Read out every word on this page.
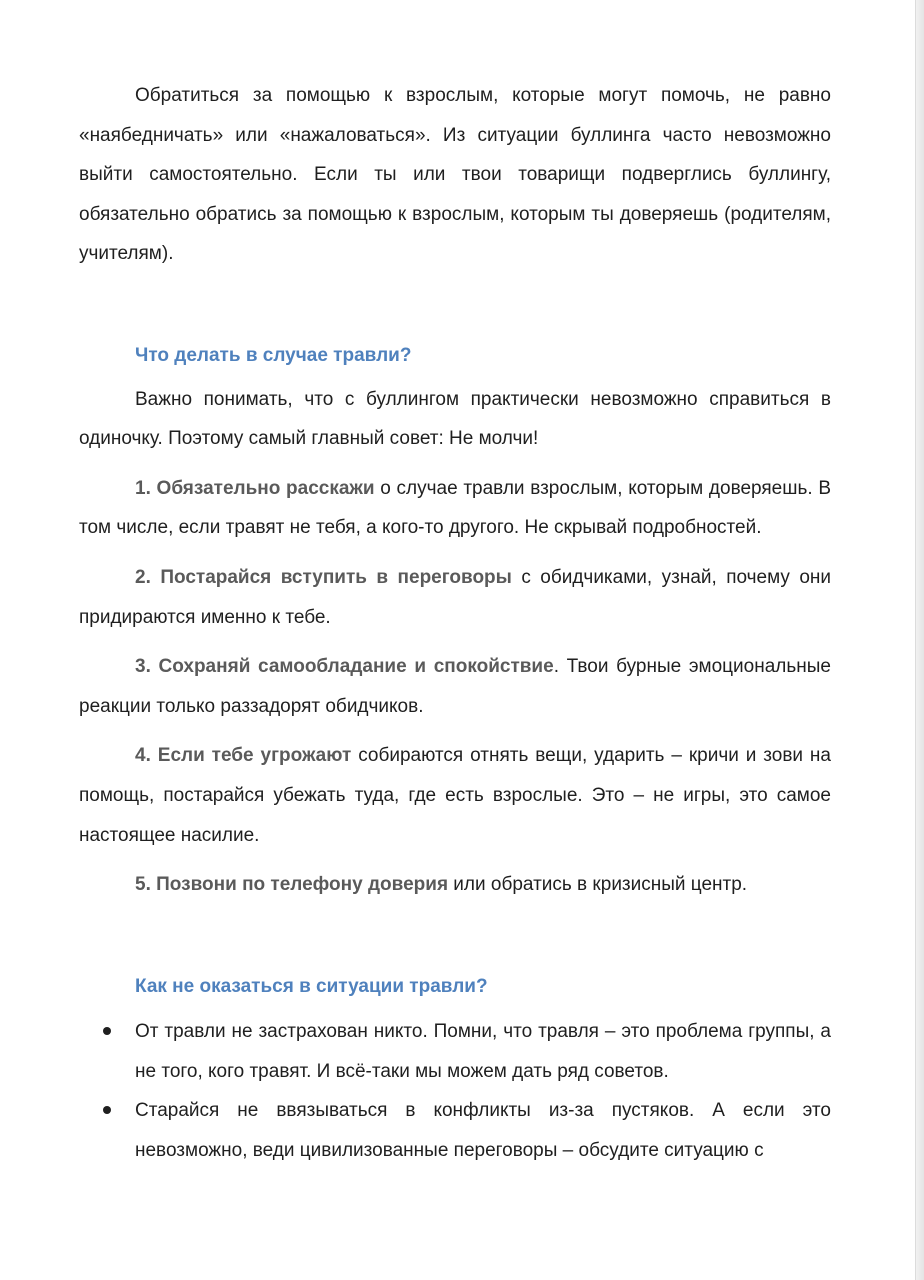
Обратиться за помощью к взрослым, которые могут помочь, не равно «наябедничать» или «нажаловаться». Из ситуации буллинга часто невозможно выйти самостоятельно. Если ты или твои товарищи подверглись буллингу, обязательно обратись за помощью к взрослым, которым ты доверяешь (родителям, учителям).

Что делать в случае травли?

Важно понимать, что с буллингом практически невозможно справиться в одиночку. Поэтому самый главный совет: Не молчи!

1. Обязательно расскажи о случае травли взрослым, которым доверяешь. В том числе, если травят не тебя, а кого-то другого. Не скрывай подробностей.

2. Постарайся вступить в переговоры с обидчиками, узнай, почему они придираются именно к тебе.

3. Сохраняй самообладание и спокойствие. Твои бурные эмоциональные реакции только раззадорят обидчиков.

4. Если тебе угрожают собираются отнять вещи, ударить – кричи и зови на помощь, постарайся убежать туда, где есть взрослые. Это – не игры, это самое настоящее насилие.

5. Позвони по телефону доверия или обратись в кризисный центр.

Как не оказаться в ситуации травли?
От травли не застрахован никто. Помни, что травля – это проблема группы, а не того, кого травят. И всё-таки мы можем дать ряд советов.
Старайся не ввязываться в конфликты из-за пустяков. А если это невозможно, веди цивилизованные переговоры – обсудите ситуацию с
